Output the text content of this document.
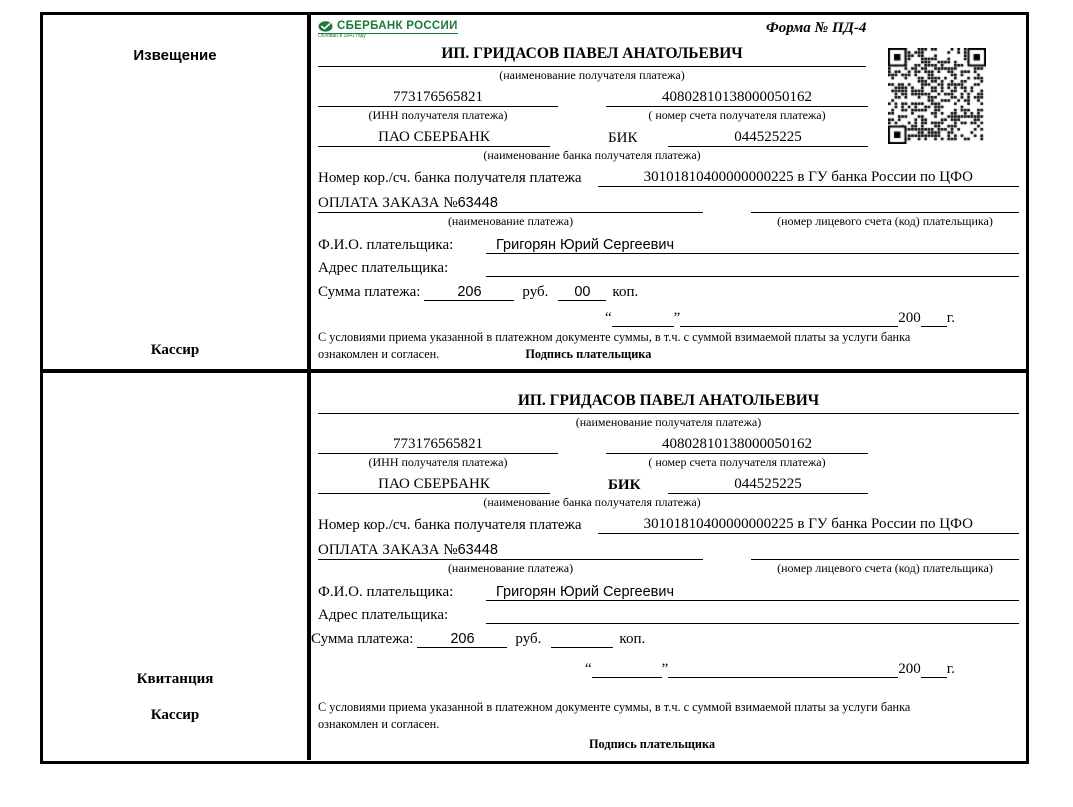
Извещение
Кассир
СБЕРБАНК РОССИИ
Основан в 1841 году	Форма № ПД-4
ИП. ГРИДАСОВ ПАВЕЛ АНАТОЛЬЕВИЧ
(наименование получателя платежа)
773176565821	40802810138000050162
(ИНН получателя платежа)	( номер счета получателя платежа)
ПАО СБЕРБАНК	БИК	044525225
(наименование банка получателя платежа)
Номер кор./сч. банка получателя платежа	30101810400000000225 в ГУ банка России по ЦФО
ОПЛАТА ЗАКАЗА №63448
(наименование платежа)	(номер лицевого счета (код) плательщика)
Ф.И.О. плательщика:	Григорян Юрий Сергеевич
Адрес плательщика:
Сумма платежа:	206	руб.	00	коп.
“	”	200 г.
С условиями приема указанной в платежном документе суммы, в т.ч. с суммой взимаемой платы за услуги банка
ознакомлен и согласен.	Подпись плательщика
Квитанция
Кассир
ИП. ГРИДАСОВ ПАВЕЛ АНАТОЛЬЕВИЧ
(наименование получателя платежа)
773176565821	40802810138000050162
(ИНН получателя платежа)	( номер счета получателя платежа)
ПАО СБЕРБАНК	БИК	044525225
(наименование банка получателя платежа)
Номер кор./сч. банка получателя платежа	30101810400000000225 в ГУ банка России по ЦФО
ОПЛАТА ЗАКАЗА №63448
(наименование платежа)	(номер лицевого счета (код) плательщика)
Ф.И.О. плательщика:	Григорян Юрий Сергеевич
Адрес плательщика:
Сумма платежа:	206	руб.	коп.
“	”	200 г.
С условиями приема указанной в платежном документе суммы, в т.ч. с суммой взимаемой платы за услуги банка
ознакомлен и согласен.
Подпись плательщика
